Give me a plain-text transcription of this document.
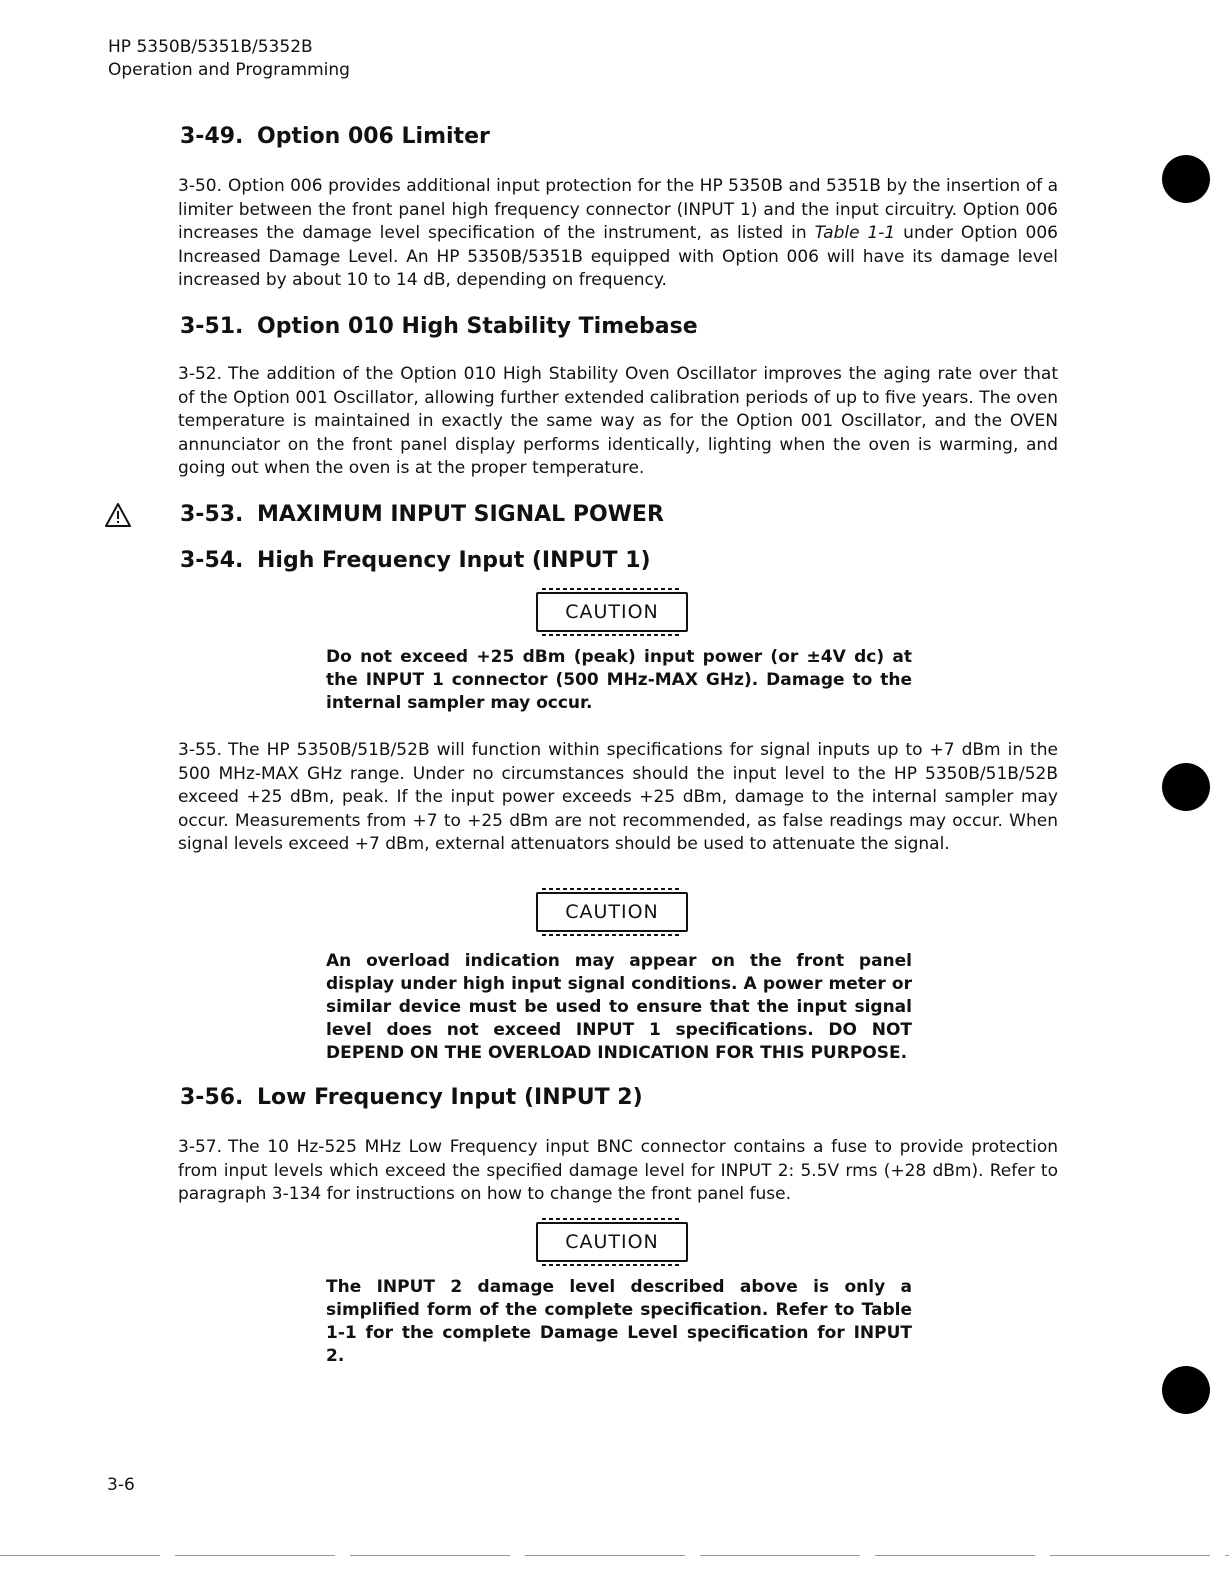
HP 5350B/5351B/5352B
Operation and Programming
3-49. Option 006 Limiter

3-50. Option 006 provides additional input protection for the HP 5350B and 5351B by the insertion of a limiter between the front panel high frequency connector (INPUT 1) and the input circuitry. Option 006 increases the damage level specification of the instrument, as listed in Table 1-1 under Option 006 Increased Damage Level. An HP 5350B/5351B equipped with Option 006 will have its damage level increased by about 10 to 14 dB, depending on frequency.

3-51. Option 010 High Stability Timebase

3-52. The addition of the Option 010 High Stability Oven Oscillator improves the aging rate over that of the Option 001 Oscillator, allowing further extended calibration periods of up to five years. The oven temperature is maintained in exactly the same way as for the Option 001 Oscillator, and the OVEN annunciator on the front panel display performs identically, lighting when the oven is warming, and going out when the oven is at the proper temperature.

3-53. MAXIMUM INPUT SIGNAL POWER
3-54. High Frequency Input (INPUT 1)
CAUTION

Do not exceed +25 dBm (peak) input power (or ±4V dc) at the INPUT 1 connector (500 MHz-MAX GHz). Damage to the internal sampler may occur.

3-55. The HP 5350B/51B/52B will function within specifications for signal inputs up to +7 dBm in the 500 MHz-MAX GHz range. Under no circumstances should the input level to the HP 5350B/51B/52B exceed +25 dBm, peak. If the input power exceeds +25 dBm, damage to the internal sampler may occur. Measurements from +7 to +25 dBm are not recommended, as false readings may occur. When signal levels exceed +7 dBm, external attenuators should be used to attenuate the signal.

CAUTION

An overload indication may appear on the front panel display under high input signal conditions. A power meter or similar device must be used to ensure that the input signal level does not exceed INPUT 1 specifications. DO NOT DEPEND ON THE OVERLOAD INDICATION FOR THIS PURPOSE.

3-56. Low Frequency Input (INPUT 2)

3-57. The 10 Hz-525 MHz Low Frequency input BNC connector contains a fuse to provide protection from input levels which exceed the specified damage level for INPUT 2: 5.5V rms (+28 dBm). Refer to paragraph 3-134 for instructions on how to change the front panel fuse.

CAUTION

The INPUT 2 damage level described above is only a simplified form of the complete specification. Refer to Table 1-1 for the complete Damage Level specification for INPUT 2.

3-6
